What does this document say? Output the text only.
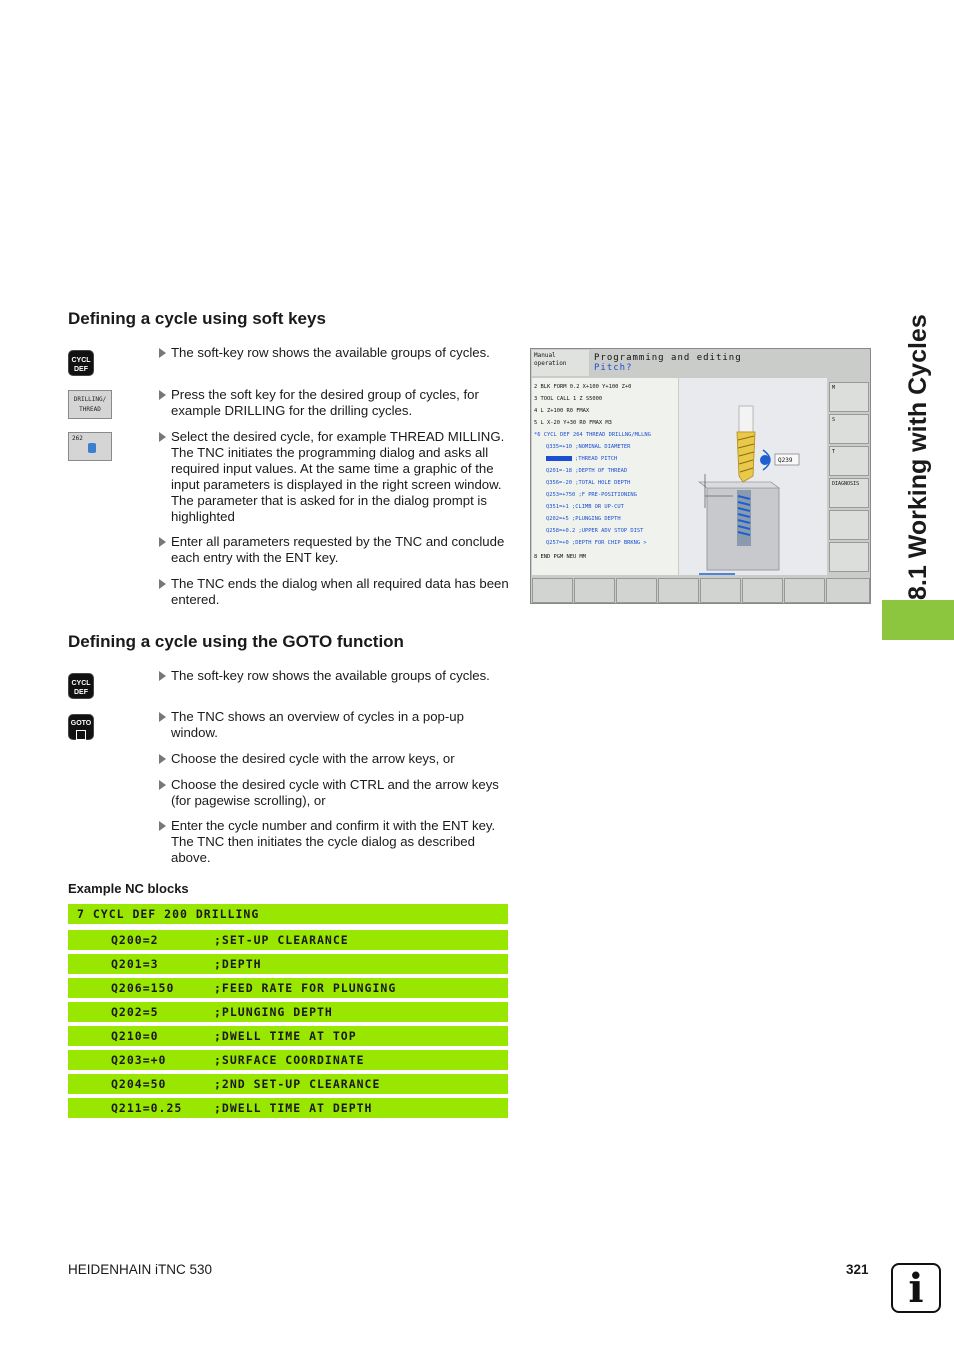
8.1 Working with Cycles
Defining a cycle using soft keys
CYCL
DEF
DRILLING/
THREAD
262
The soft-key row shows the available groups of cycles.
Press the soft key for the desired group of cycles, for example DRILLING for the drilling cycles.
Select the desired cycle, for example THREAD MILLING. The TNC initiates the programming dialog and asks all required input values. At the same time a graphic of the input parameters is displayed in the right screen window. The parameter that is asked for in the dialog prompt is highlighted
Enter all parameters requested by the TNC and conclude each entry with the ENT key.
The TNC ends the dialog when all required data has been entered.
Manual
operation
Programming and editing
Pitch?
2 BLK FORM 0.2 X+100 Y+100 Z+0
3 TOOL CALL 1 Z S5000
4 L Z+100 R0 FMAX
5 L X-20 Y+30 R0 FMAX M3
*6 CYCL DEF 264 THREAD DRILLNG/MLLNG
Q335=+10 ;NOMINAL DIAMETER
;THREAD PITCH
Q201=-18 ;DEPTH OF THREAD
Q356=-20 ;TOTAL HOLE DEPTH
Q253=+750 ;F PRE-POSITIONING
Q351=+1 ;CLIMB OR UP-CUT
Q202=+5 ;PLUNGING DEPTH
Q258=+0.2 ;UPPER ADV STOP DIST
Q257=+0 ;DEPTH FOR CHIP BRKNG >
8 END PGM NEU MM
Q239
M
S
T
DIAGNOSIS
Defining a cycle using the GOTO function
CYCL
DEF
GOTO
The soft-key row shows the available groups of cycles.
The TNC shows an overview of cycles in a pop-up window.
Choose the desired cycle with the arrow keys, or
Choose the desired cycle with CTRL and the arrow keys (for pagewise scrolling), or
Enter the cycle number and confirm it with the ENT key. The TNC then initiates the cycle dialog as described above.
Example NC blocks
7 CYCL DEF 200 DRILLING
Q200=2	;SET-UP CLEARANCE
Q201=3	;DEPTH
Q206=150	;FEED RATE FOR PLUNGING
Q202=5	;PLUNGING DEPTH
Q210=0	;DWELL TIME AT TOP
Q203=+0	;SURFACE COORDINATE
Q204=50	;2ND SET-UP CLEARANCE
Q211=0.25	;DWELL TIME AT DEPTH
HEIDENHAIN iTNC 530	321 i
